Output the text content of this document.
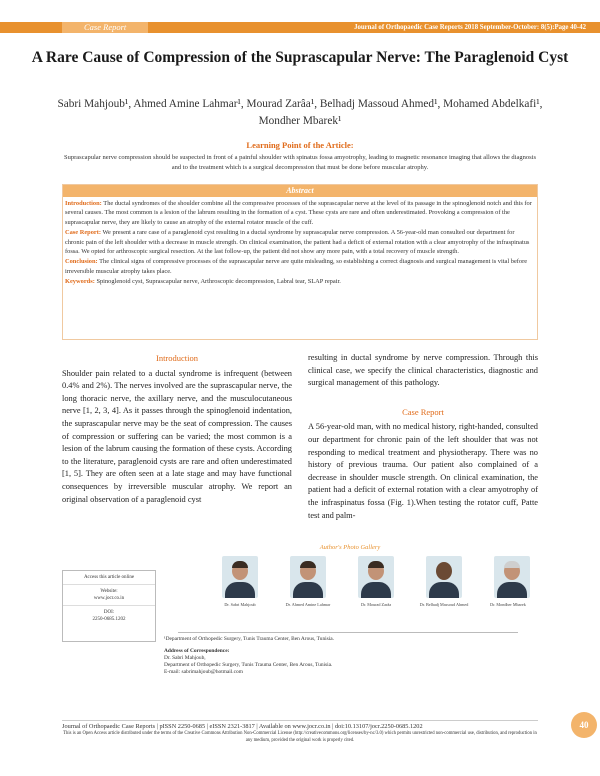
Case Report	Journal of Orthopaedic Case Reports 2018 September-October: 8(5):Page 40-42
A Rare Cause of Compression of the Suprascapular Nerve: The Paraglenoid Cyst
Sabri Mahjoub¹, Ahmed Amine Lahmar¹, Mourad Zarâa¹, Belhadj Massoud Ahmed¹, Mohamed Abdelkafi¹, Mondher Mbarek¹
Learning Point of the Article:
Suprascapular nerve compression should be suspected in front of a painful shoulder with spinatus fossa amyotrophy, leading to magnetic resonance imaging that allows the diagnosis and to the treatment which is a surgical decompression that must be done before muscular atrophy.
Abstract

Introduction: The ductal syndromes of the shoulder combine all the compressive processes of the suprascapular nerve at the level of its passage in the spinoglenoid notch and this for several causes. The most common is a lesion of the labrum resulting in the formation of a cyst. These cysts are rare and often underestimated. Provoking a compression of the suprascapular nerve, they are likely to cause an atrophy of the external rotator muscle of the cuff.

Case Report: We present a rare case of a paraglenoid cyst resulting in a ductal syndrome by suprascapular nerve compression. A 56-year-old man consulted our department for chronic pain of the left shoulder with a decrease in muscle strength. On clinical examination, the patient had a deficit of external rotation with a clear amyotrophy of the infraspinatus fossa. We opted for arthroscopic surgical resection. At the last follow-up, the patient did not show any more pain, with a total recovery of muscle strength.

Conclusion: The clinical signs of compressive processes of the suprascapular nerve are quite misleading, so establishing a correct diagnosis and surgical management is vital before irreversible muscular atrophy takes place.

Keywords: Spinoglenoid cyst, Suprascapular nerve, Arthroscopic decompression, Labral tear, SLAP repair.

Introduction
Shoulder pain related to a ductal syndrome is infrequent (between 0.4% and 2%). The nerves involved are the suprascapular nerve, the long thoracic nerve, the axillary nerve, and the musculocutaneous nerve [1, 2, 3, 4]. As it passes through the spinoglenoid indentation, the suprascapular nerve may be the seat of compression. The causes of compression or suffering can be varied; the most common is a lesion of the labrum causing the formation of these cysts. According to the literature, paraglenoid cysts are rare and often underestimated [1, 5]. They are often seen at a late stage and may have functional consequences by irreversible muscular atrophy. We report an original observation of a paraglenoid cyst
resulting in ductal syndrome by nerve compression. Through this clinical case, we specify the clinical characteristics, diagnostic and surgical management of this pathology.
Case Report
A 56-year-old man, with no medical history, right-handed, consulted our department for chronic pain of the left shoulder that was not responding to medical treatment and physiotherapy. There was no history of previous trauma. Our patient also complained of a decrease in shoulder muscle strength. On clinical examination, the patient had a deficit of external rotation with a clear amyotrophy of the infraspinatus fossa (Fig. 1).When testing the rotator cuff, Patte test and palm-
Access this article online
Website:
www.jocr.co.in
DOI:
2250-0685.1202
Author's Photo Gallery
Dr. Sabri Mahjoub	Dr. Ahmed Amine Lahmar	Dr. Mourad Zarâa	Dr. Belhadj Massoud Ahmed	Dr. Mondher Mbarek
¹Department of Orthopedic Surgery, Tunis Trauma Center, Ben Arous, Tunisia.
Address of Correspondence:
Dr. Sabri Mahjoub,
Department of Orthopedic Surgery, Tunis Trauma Center, Ben Arous, Tunisia.
E-mail: sabrimahjoub@hotmail.com
Journal of Orthopaedic Case Reports | pISSN 2250-0685 | eISSN 2321-3817 | Available on www.jocr.co.in | doi:10.13107/jocr.2250-0685.1202
This is an Open Access article distributed under the terms of the Creative Commons Attribution Non-Commercial License (http://creativecommons.org/licenses/by-nc/3.0) which permits unrestricted non-commercial use, distribution, and reproduction in any medium, provided the original work is properly cited.
40
